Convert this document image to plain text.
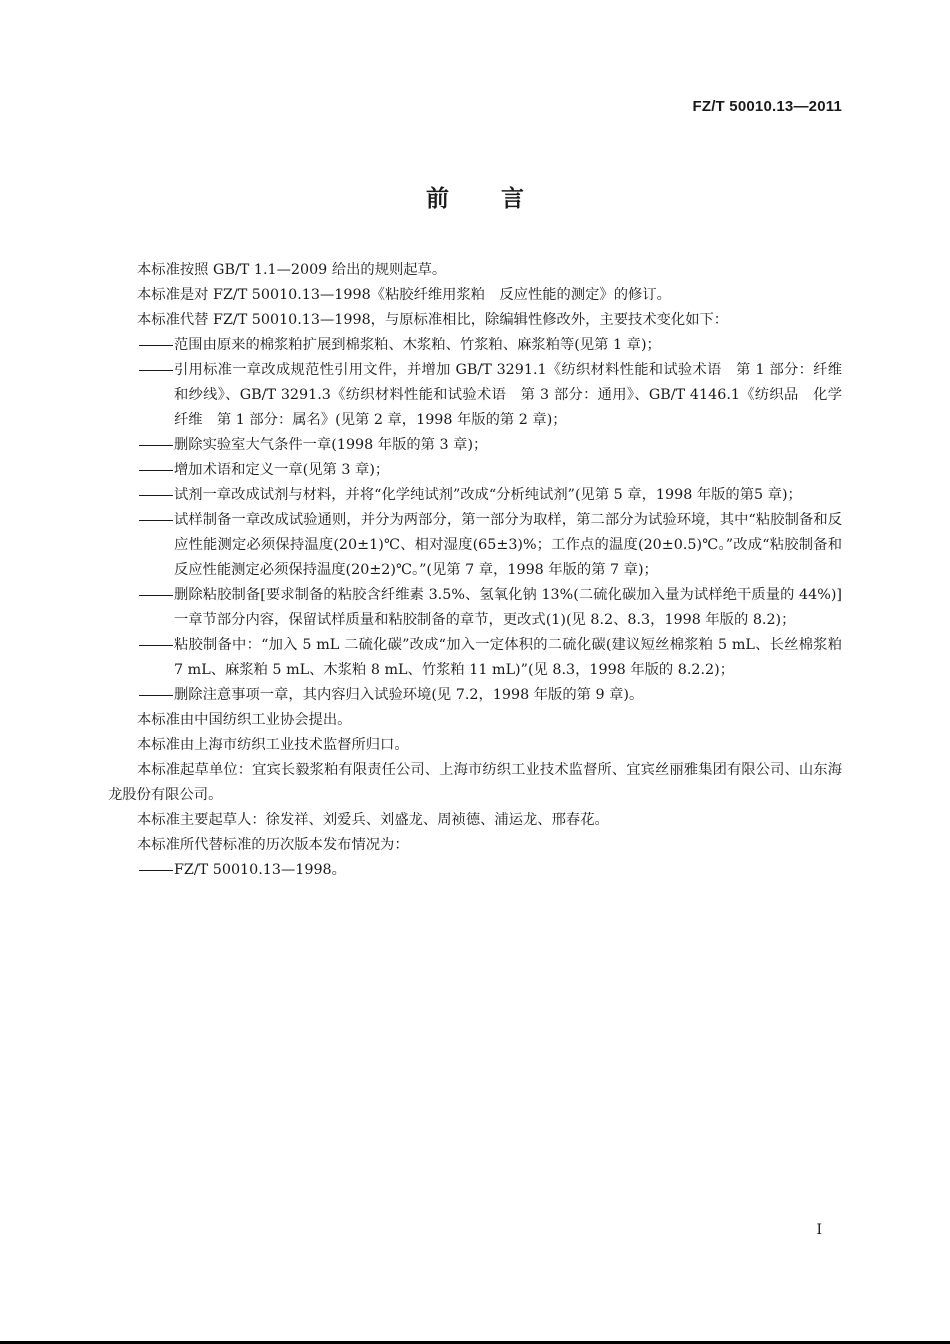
FZ/T 50010.13—2011
前 言

本标准按照 GB/T 1.1—2009 给出的规则起草。

本标准是对 FZ/T 50010.13—1998《粘胶纤维用浆粕　反应性能的测定》的修订。

本标准代替 FZ/T 50010.13—1998，与原标准相比，除编辑性修改外，主要技术变化如下：

范围由原来的棉浆粕扩展到棉浆粕、木浆粕、竹浆粕、麻浆粕等(见第 1 章)；

引用标准一章改成规范性引用文件，并增加 GB/T 3291.1《纺织材料性能和试验术语　第 1 部分：纤维和纱线》、GB/T 3291.3《纺织材料性能和试验术语　第 3 部分：通用》、GB/T 4146.1《纺织品　化学纤维　第 1 部分：属名》(见第 2 章，1998 年版的第 2 章)；

删除实验室大气条件一章(1998 年版的第 3 章)；

增加术语和定义一章(见第 3 章)；

试剂一章改成试剂与材料，并将“化学纯试剂”改成“分析纯试剂”(见第 5 章，1998 年版的第5 章)；

试样制备一章改成试验通则，并分为两部分，第一部分为取样，第二部分为试验环境，其中“粘胶制备和反应性能测定必须保持温度(20±1)℃、相对湿度(65±3)%；工作点的温度(20±0.5)℃。”改成“粘胶制备和反应性能测定必须保持温度(20±2)℃。”(见第 7 章，1998 年版的第 7 章)；

删除粘胶制备[要求制备的粘胶含纤维素 3.5%、氢氧化钠 13%(二硫化碳加入量为试样绝干质量的 44%)]一章节部分内容，保留试样质量和粘胶制备的章节，更改式(1)(见 8.2、8.3，1998 年版的 8.2)；

粘胶制备中：“加入 5 mL 二硫化碳”改成“加入一定体积的二硫化碳(建议短丝棉浆粕 5 mL、长丝棉浆粕 7 mL、麻浆粕 5 mL、木浆粕 8 mL、竹浆粕 11 mL)”(见 8.3，1998 年版的 8.2.2)；

删除注意事项一章，其内容归入试验环境(见 7.2，1998 年版的第 9 章)。

本标准由中国纺织工业协会提出。

本标准由上海市纺织工业技术监督所归口。

本标准起草单位：宜宾长毅浆粕有限责任公司、上海市纺织工业技术监督所、宜宾丝丽雅集团有限公司、山东海龙股份有限公司。

本标准主要起草人：徐发祥、刘爱兵、刘盛龙、周祯德、浦运龙、邢春花。

本标准所代替标准的历次版本发布情况为：

FZ/T 50010.13—1998。

I
